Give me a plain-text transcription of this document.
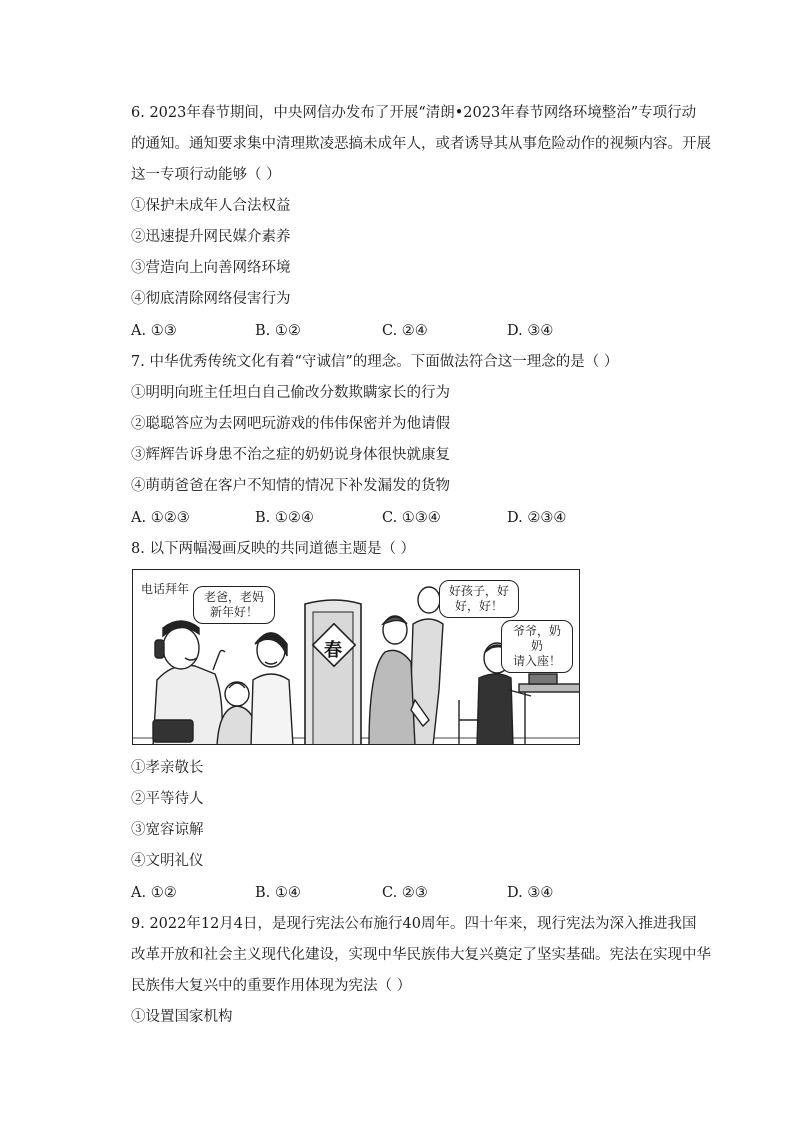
6. 2023年春节期间，中央网信办发布了开展“清朗•2023年春节网络环境整治”专项行动
的通知。通知要求集中清理欺凌恶搞未成年人，或者诱导其从事危险动作的视频内容。开展
这一专项行动能够（ ）
①保护未成年人合法权益
②迅速提升网民媒介素养
③营造向上向善网络环境
④彻底清除网络侵害行为
A. ①③	B. ①②	C. ②④	D. ③④
7. 中华优秀传统文化有着“守诚信”的理念。下面做法符合这一理念的是（ ）
①明明向班主任坦白自己偷改分数欺瞒家长的行为
②聪聪答应为去网吧玩游戏的伟伟保密并为他请假
③辉辉告诉身患不治之症的奶奶说身体很快就康复
④萌萌爸爸在客户不知情的情况下补发漏发的货物
A. ①②③	B. ①②④	C. ①③④	D. ②③④
8. 以下两幅漫画反映的共同道德主题是（ ）
电话拜年
老爸，老妈
新年好！
春
好孩子，好
好，好！
爷爷，奶奶
请入座！
①孝亲敬长
②平等待人
③宽容谅解
④文明礼仪
A. ①②	B. ①④	C. ②③	D. ③④
9. 2022年12月4日，是现行宪法公布施行40周年。四十年来，现行宪法为深入推进我国
改革开放和社会主义现代化建设，实现中华民族伟大复兴奠定了坚实基础。宪法在实现中华
民族伟大复兴中的重要作用体现为宪法（ ）
①设置国家机构
